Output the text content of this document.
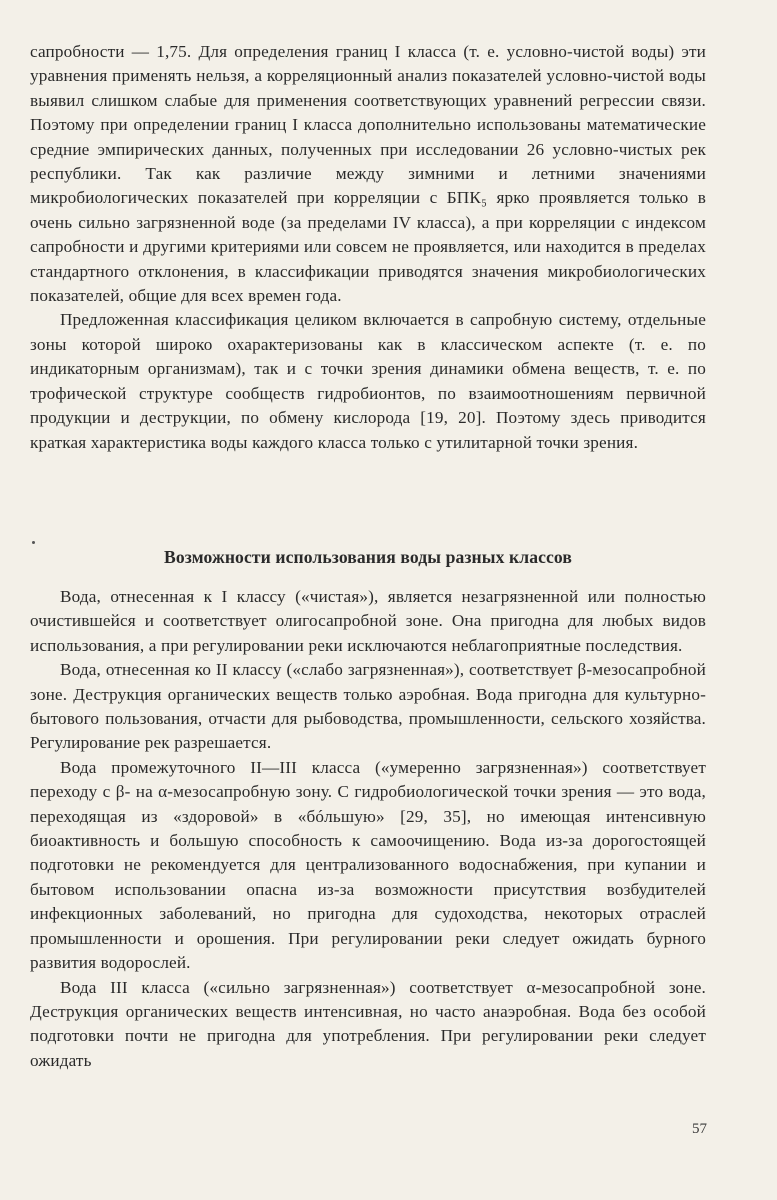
сапробности — 1,75. Для определения границ I класса (т. е. условно-чистой воды) эти уравнения применять нельзя, а корреляционный анализ показателей условно-чистой воды выявил слишком слабые для применения соответствующих уравнений регрессии связи. Поэтому при определении границ I класса дополнительно использованы математические средние эмпирических данных, полученных при исследовании 26 условно-чистых рек республики. Так как различие между зимними и летними значениями микробиологических показателей при корреляции с БПК₅ ярко проявляется только в очень сильно загрязненной воде (за пределами IV класса), а при корреляции с индексом сапробности и другими критериями или совсем не проявляется, или находится в пределах стандартного отклонения, в классификации приводятся значения микробиологических показателей, общие для всех времен года.

Предложенная классификация целиком включается в сапробную систему, отдельные зоны которой широко охарактеризованы как в классическом аспекте (т. е. по индикаторным организмам), так и с точки зрения динамики обмена веществ, т. е. по трофической структуре сообществ гидробионтов, по взаимоотношениям первичной продукции и деструкции, по обмену кислорода [19, 20]. Поэтому здесь приводится краткая характеристика воды каждого класса только с утилитарной точки зрения.

Возможности использования воды разных классов

Вода, отнесенная к I классу («чистая»), является незагрязненной или полностью очистившейся и соответствует олигосапробной зоне. Она пригодна для любых видов использования, а при регулировании реки исключаются неблагоприятные последствия.

Вода, отнесенная ко II классу («слабо загрязненная»), соответствует β-мезосапробной зоне. Деструкция органических веществ только аэробная. Вода пригодна для культурно-бытового пользования, отчасти для рыбоводства, промышленности, сельского хозяйства. Регулирование рек разрешается.

Вода промежуточного II—III класса («умеренно загрязненная») соответствует переходу с β- на α-мезосапробную зону. С гидробиологической точки зрения — это вода, переходящая из «здоровой» в «бóльшую» [29, 35], но имеющая интенсивную биоактивность и большую способность к самоочищению. Вода из-за дорогостоящей подготовки не рекомендуется для централизованного водоснабжения, при купании и бытовом использовании опасна из-за возможности присутствия возбудителей инфекционных заболеваний, но пригодна для судоходства, некоторых отраслей промышленности и орошения. При регулировании реки следует ожидать бурного развития водорослей.

Вода III класса («сильно загрязненная») соответствует α-мезосапробной зоне. Деструкция органических веществ интенсивная, но часто анаэробная. Вода без особой подготовки почти не пригодна для употребления. При регулировании реки следует ожидать

57
